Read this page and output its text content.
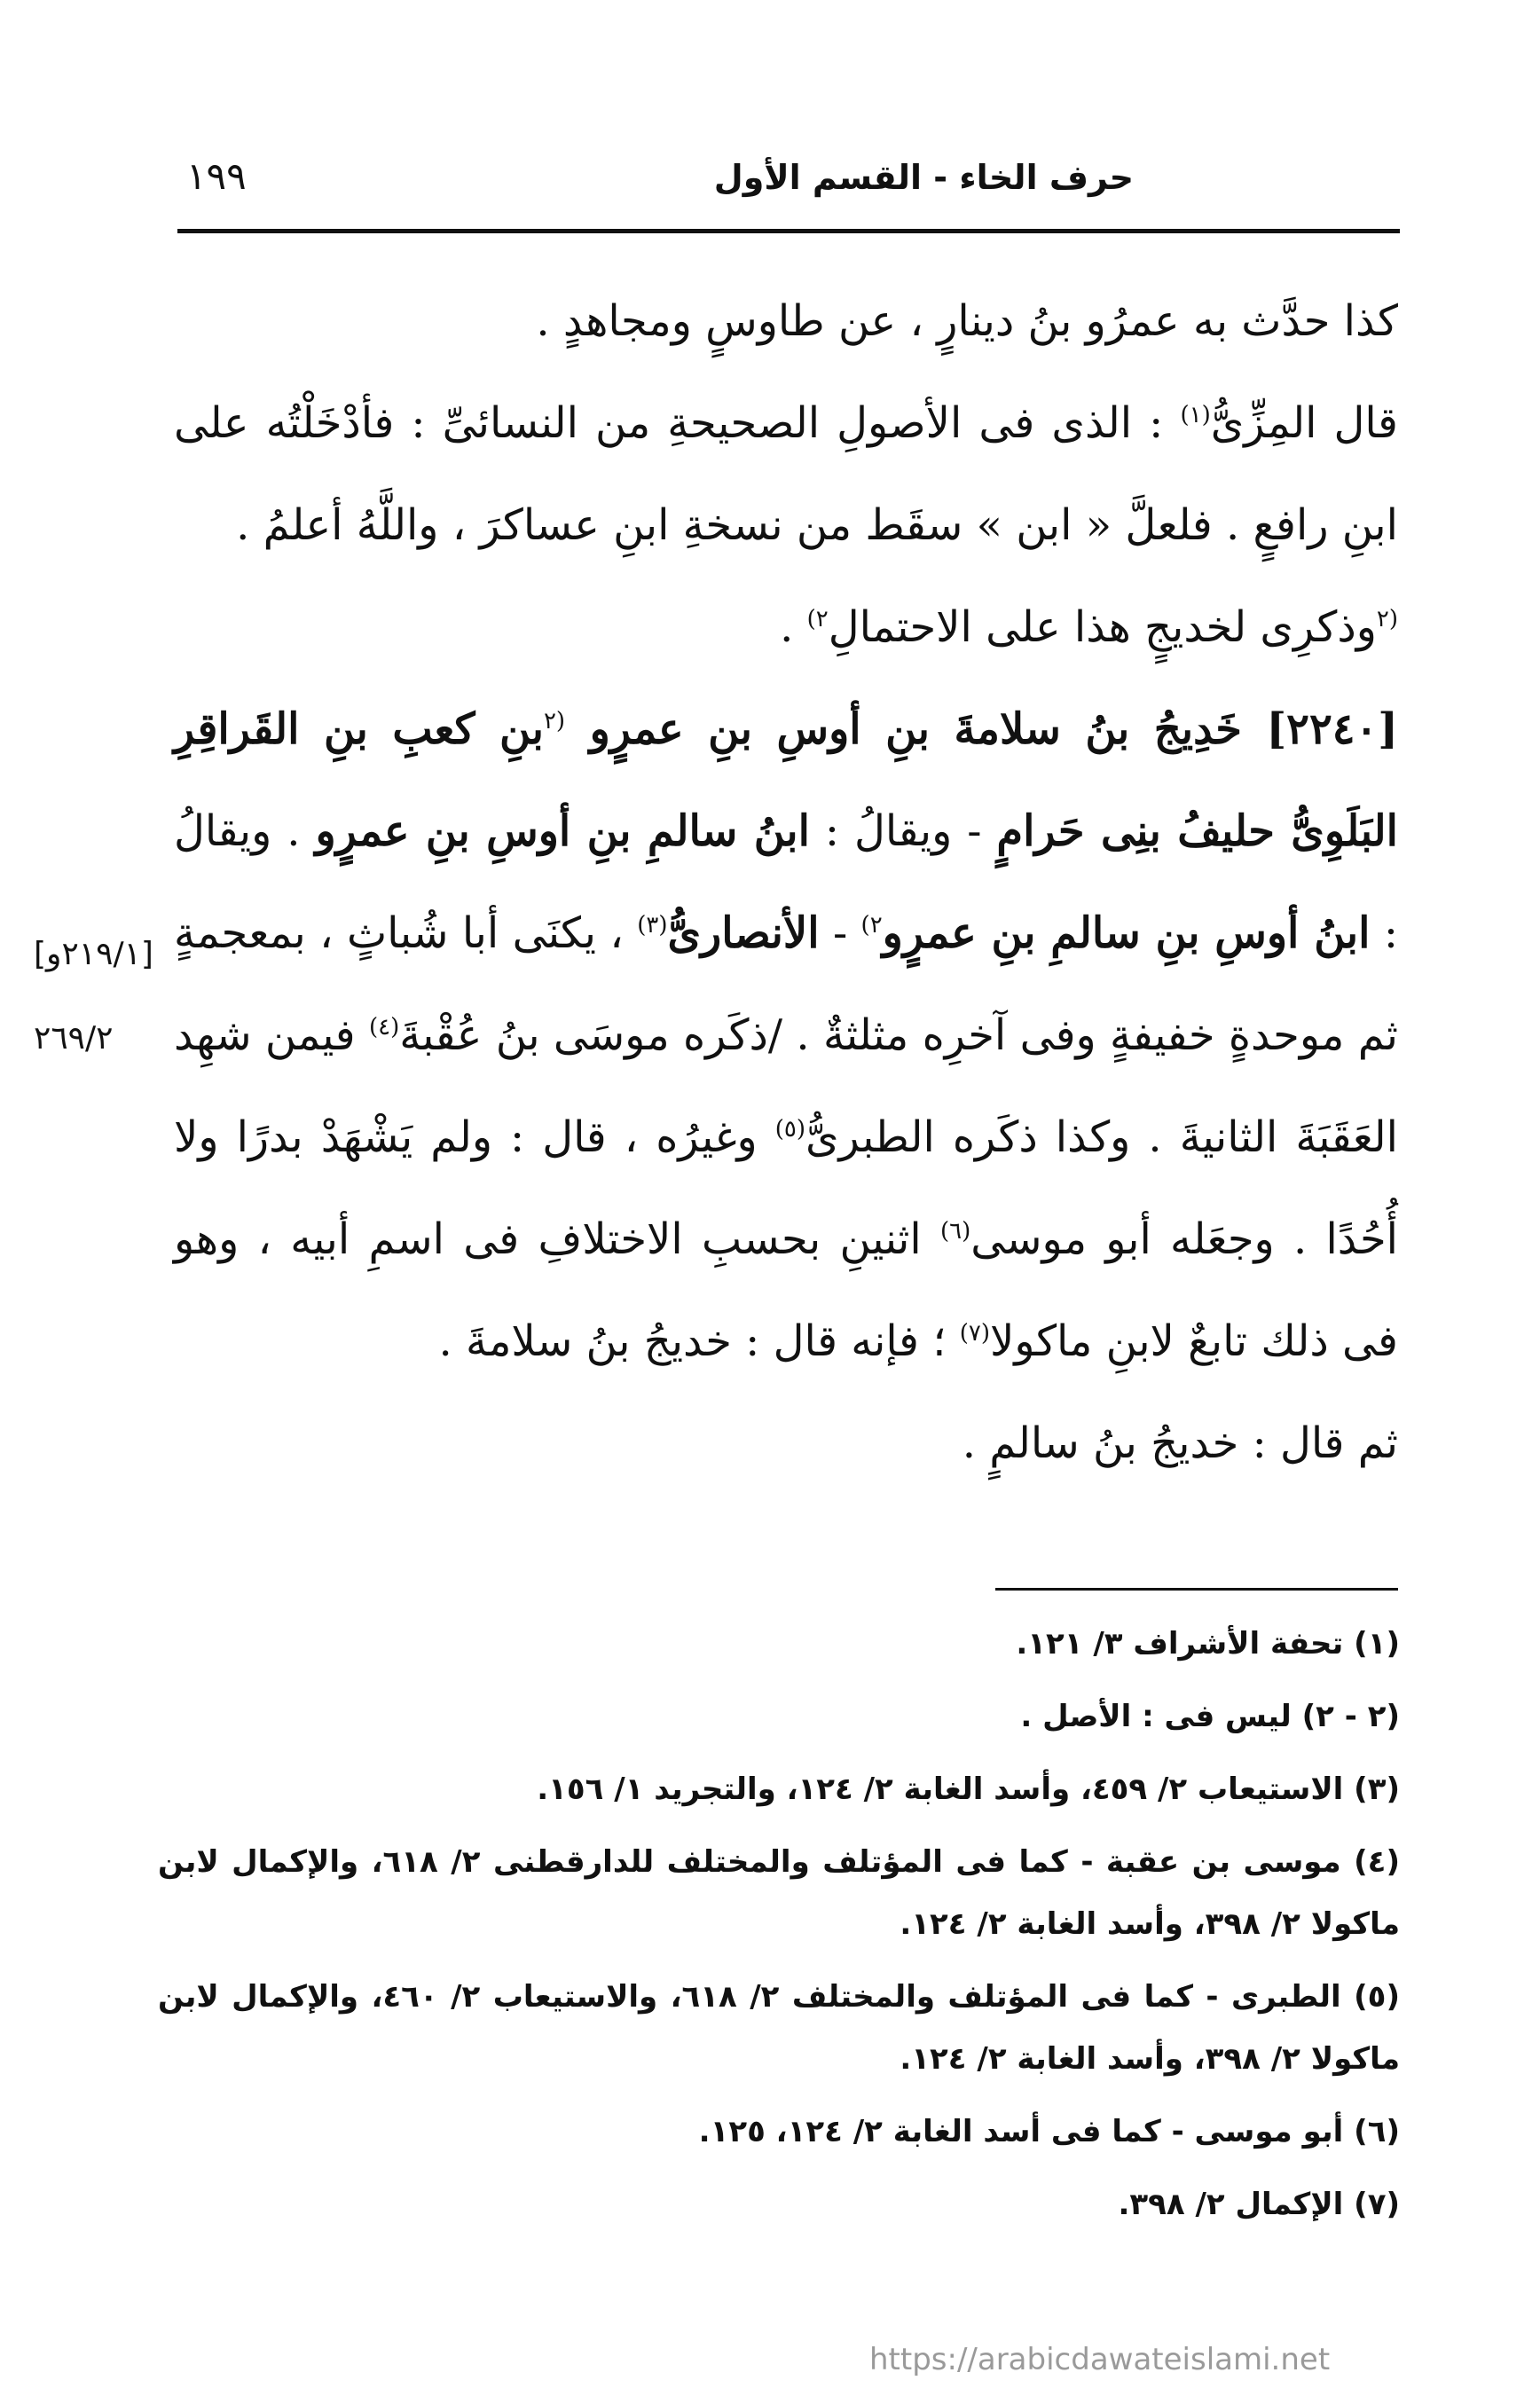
حرف الخاء - القسم الأول
١٩٩
[٢١٩/١و]
٢٦٩/٢

كذا حدَّث به عمرُو بنُ دينارٍ ، عن طاوسٍ ومجاهدٍ .

قال المِزِّىُّ$^{(١)}$ : الذى فى الأصولِ الصحيحةِ من النسائىِّ : فأدْخَلْتُه على ابنِ رافعٍ . فلعلَّ « ابن » سقَط من نسخةِ ابنِ عساكرَ ، واللَّهُ أعلمُ .

$^{(٢}$وذكرِى لخديجٍ هذا على الاحتمالِ$^{٢)}$ .

[٢٢٤٠] خَدِيجُ بنُ سلامةَ بنِ أوسِ بنِ عمرٍو $^{(٢}$بنِ كعبِ بنِ القَراقِرِ البَلَوِىُّ حليفُ بنِى حَرامٍ - ويقالُ : ابنُ سالمِ بنِ أوسِ بنِ عمرٍو . ويقالُ : ابنُ أوسِ بنِ سالمِ بنِ عمرٍو$^{٢)}$ - الأنصارىُّ$^{(٣)}$ ، يكنَى أبا شُباثٍ ، بمعجمةٍ ثم موحدةٍ خفيفةٍ وفى آخرِه مثلثةٌ . /ذكَره موسَى بنُ عُقْبةَ$^{(٤)}$ فيمن شهِد العَقَبَةَ الثانيةَ . وكذا ذكَره الطبرىُّ$^{(٥)}$ وغيرُه ، قال : ولم يَشْهَدْ بدرًا ولا أُحُدًا . وجعَله أبو موسى$^{(٦)}$ اثنينِ بحسبِ الاختلافِ فى اسمِ أبيه ، وهو فى ذلك تابعٌ لابنِ ماكولا$^{(٧)}$ ؛ فإنه قال : خديجُ بنُ سلامةَ .

ثم قال : خديجُ بنُ سالمٍ .

(١) تحفة الأشراف ٣/ ١٢١.

(٢ - ٢) ليس فى : الأصل .

(٣) الاستيعاب ٢/ ٤٥٩، وأسد الغابة ٢/ ١٢٤، والتجريد ١/ ١٥٦.

(٤) موسى بن عقبة - كما فى المؤتلف والمختلف للدارقطنى ٢/ ٦١٨، والإكمال لابن ماكولا ٢/ ٣٩٨، وأسد الغابة ٢/ ١٢٤.

(٥) الطبرى - كما فى المؤتلف والمختلف ٢/ ٦١٨، والاستيعاب ٢/ ٤٦٠، والإكمال لابن ماكولا ٢/ ٣٩٨، وأسد الغابة ٢/ ١٢٤.

(٦) أبو موسى - كما فى أسد الغابة ٢/ ١٢٤، ١٢٥.

(٧) الإكمال ٢/ ٣٩٨.

https://arabicdawateislami.net
